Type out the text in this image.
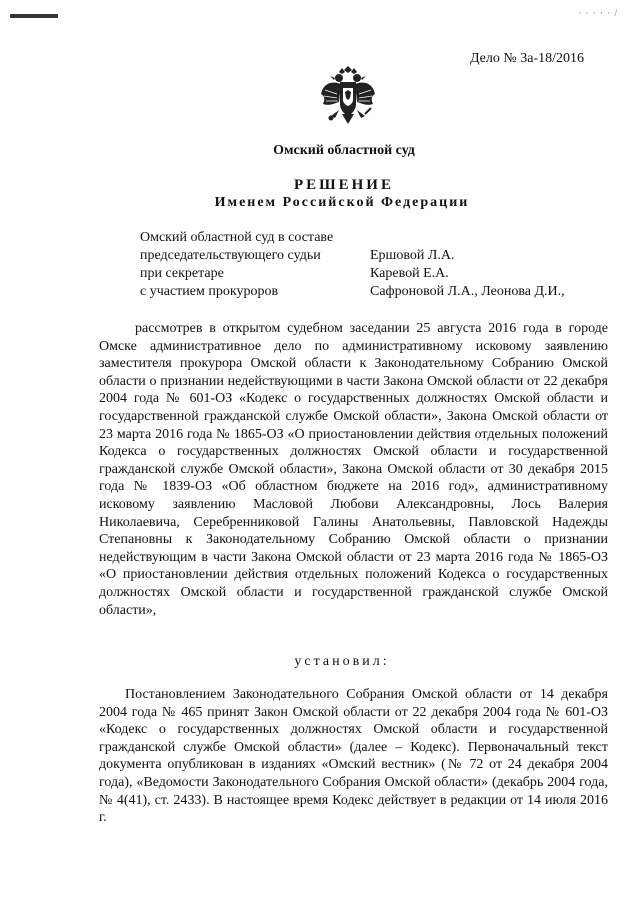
· · · · · /
Дело № 3а-18/2016
Омский областной суд
РЕШЕНИЕ
Именем Российской Федерации
Омский областной суд в составе
председательствующего судьи	Ершовой Л.А.
при секретаре	Каревой Е.А.
с участием прокуроров	Сафроновой Л.А., Леонова Д.И.,

рассмотрев в открытом судебном заседании 25 августа 2016 года в городе Омске административное дело по административному исковому заявлению заместителя прокурора Омской области к Законодательному Собранию Омской области о признании недействующими в части Закона Омской области от 22 декабря 2004 года № 601-ОЗ «Кодекс о государственных должностях Омской области и государственной гражданской службе Омской области», Закона Омской области от 23 марта 2016 года № 1865-ОЗ «О приостановлении действия отдельных положений Кодекса о государственных должностях Омской области и государственной гражданской службе Омской области», Закона Омской области от 30 декабря 2015 года № 1839-ОЗ «Об областном бюджете на 2016 год», административному исковому заявлению Масловой Любови Александровны, Лось Валерия Николаевича, Серебренниковой Галины Анатольевны, Павловской Надежды Степановны к Законодательному Собранию Омской области о признании недействующим в части Закона Омской области от 23 марта 2016 года № 1865-ОЗ «О приостановлении действия отдельных положений Кодекса о государственных должностях Омской области и государственной гражданской службе Омской области»,

установил:

Постановлением Законодательного Собрания Омской области от 14 декабря 2004 года № 465 принят Закон Омской области от 22 декабря 2004 года № 601-ОЗ «Кодекс о государственных должностях Омской области и государственной гражданской службе Омской области» (далее – Кодекс). Первоначальный текст документа опубликован в изданиях «Омский вестник» (№ 72 от 24 декабря 2004 года), «Ведомости Законодательного Собрания Омской области» (декабрь 2004 года, № 4(41), ст. 2433). В настоящее время Кодекс действует в редакции от 14 июля 2016 г.
